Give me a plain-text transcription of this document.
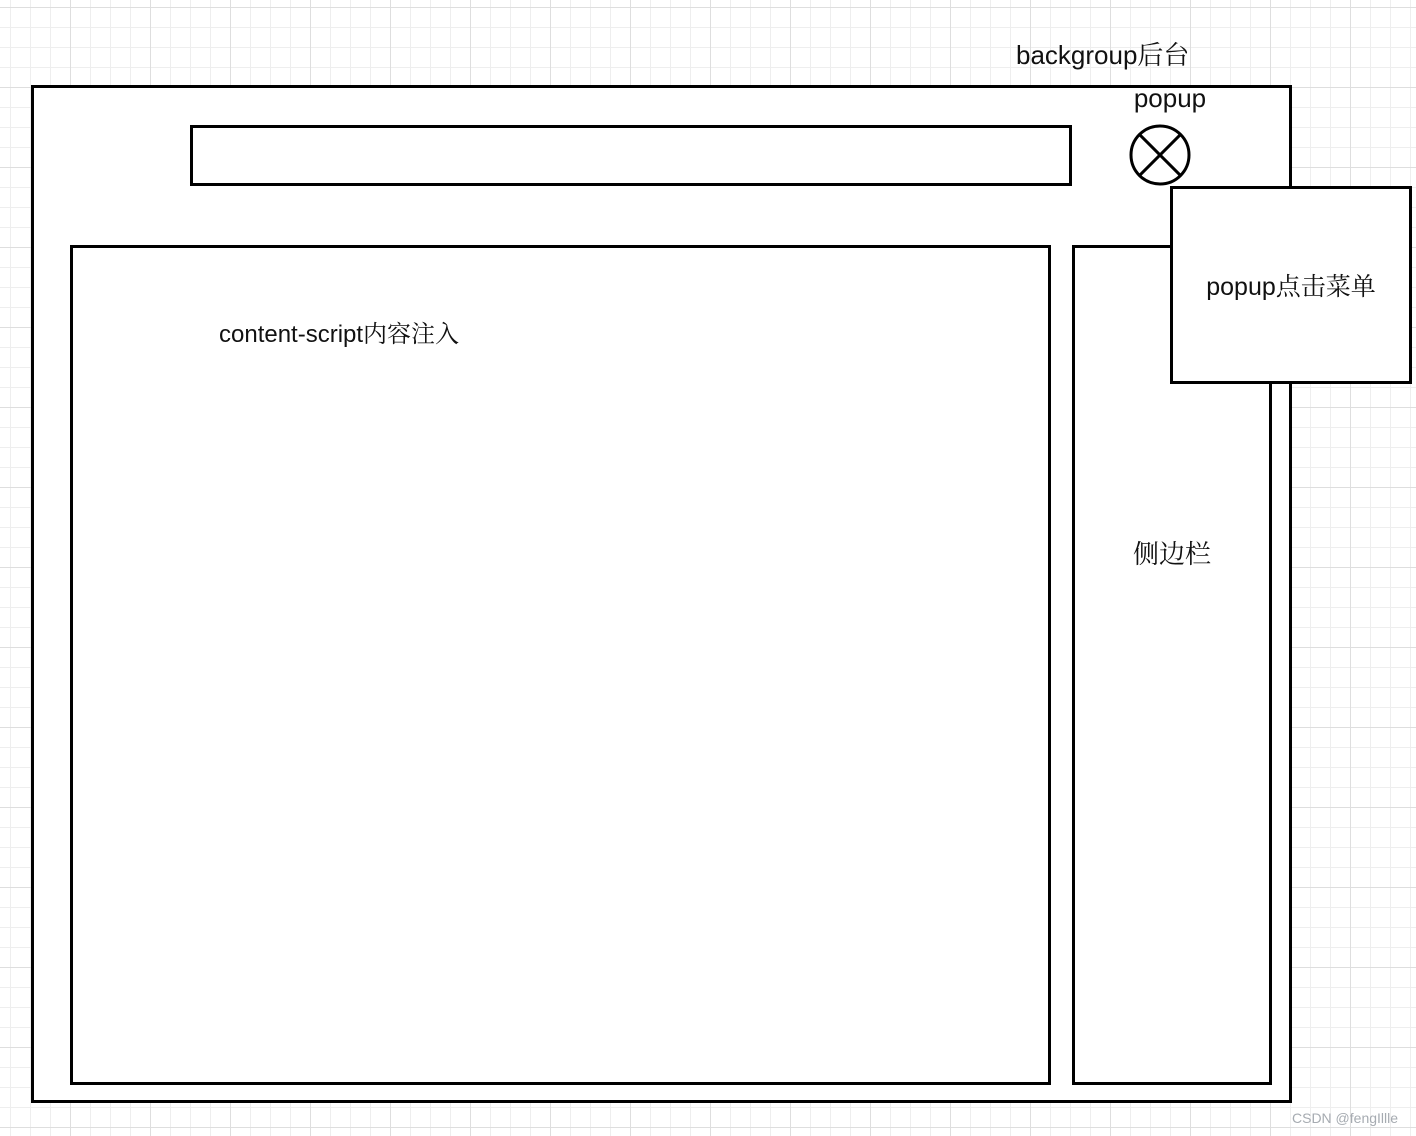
backgroup后台
popup
content-script内容注入
侧边栏
popup点击菜单
CSDN @fengIllle
